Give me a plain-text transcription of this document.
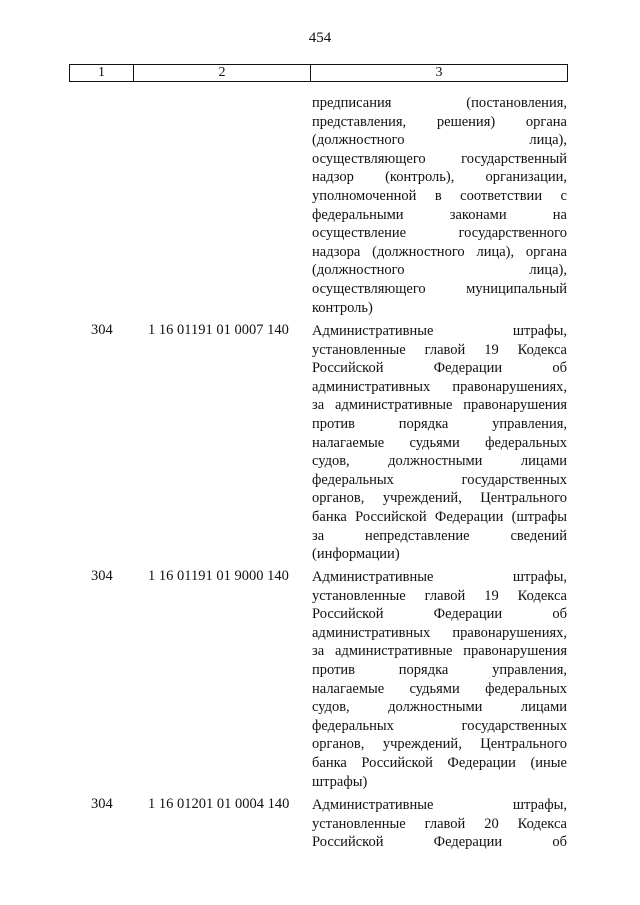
454
1	2	3
предписания (постановления,
представления, решения) органа
(должностного лица),
осуществляющего государственный
надзор (контроль), организации,
уполномоченной в соответствии с
федеральными законами на
осуществление государственного
надзора (должностного лица), органа
(должностного лица),
осуществляющего муниципальный
контроль)
304 1 16 01191 01 0007 140 Административные штрафы,
установленные главой 19 Кодекса
Российской Федерации об
административных правонарушениях,
за административные правонарушения
против порядка управления,
налагаемые судьями федеральных
судов, должностными лицами
федеральных государственных
органов, учреждений, Центрального
банка Российской Федерации (штрафы
за непредставление сведений
(информации)
304 1 16 01191 01 9000 140 Административные штрафы,
установленные главой 19 Кодекса
Российской Федерации об
административных правонарушениях,
за административные правонарушения
против порядка управления,
налагаемые судьями федеральных
судов, должностными лицами
федеральных государственных
органов, учреждений, Центрального
банка Российской Федерации (иные
штрафы)
304 1 16 01201 01 0004 140 Административные штрафы,
установленные главой 20 Кодекса
Российской Федерации об
